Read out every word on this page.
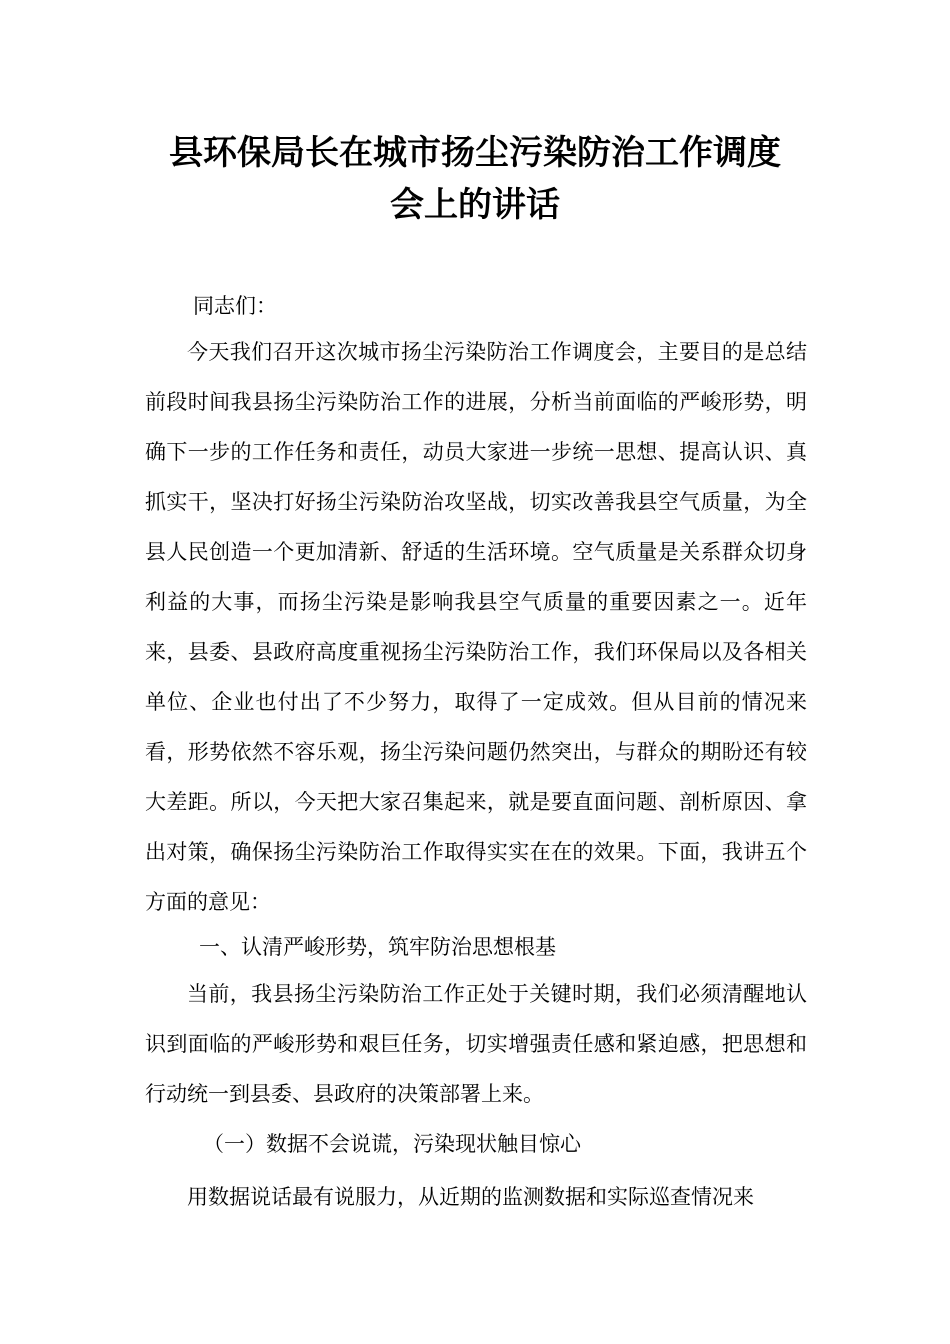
县环保局长在城市扬尘污染防治工作调度
会上的讲话

同志们：

今天我们召开这次城市扬尘污染防治工作调度会，主要目的是总结前段时间我县扬尘污染防治工作的进展，分析当前面临的严峻形势，明确下一步的工作任务和责任，动员大家进一步统一思想、提高认识、真抓实干，坚决打好扬尘污染防治攻坚战，切实改善我县空气质量，为全县人民创造一个更加清新、舒适的生活环境。空气质量是关系群众切身利益的大事，而扬尘污染是影响我县空气质量的重要因素之一。近年来，县委、县政府高度重视扬尘污染防治工作，我们环保局以及各相关单位、企业也付出了不少努力，取得了一定成效。但从目前的情况来看，形势依然不容乐观，扬尘污染问题仍然突出，与群众的期盼还有较大差距。所以，今天把大家召集起来，就是要直面问题、剖析原因、拿出对策，确保扬尘污染防治工作取得实实在在的效果。下面，我讲五个方面的意见：

一、认清严峻形势，筑牢防治思想根基

当前，我县扬尘污染防治工作正处于关键时期，我们必须清醒地认识到面临的严峻形势和艰巨任务，切实增强责任感和紧迫感，把思想和行动统一到县委、县政府的决策部署上来。

（一）数据不会说谎，污染现状触目惊心

用数据说话最有说服力，从近期的监测数据和实际巡查情况来
